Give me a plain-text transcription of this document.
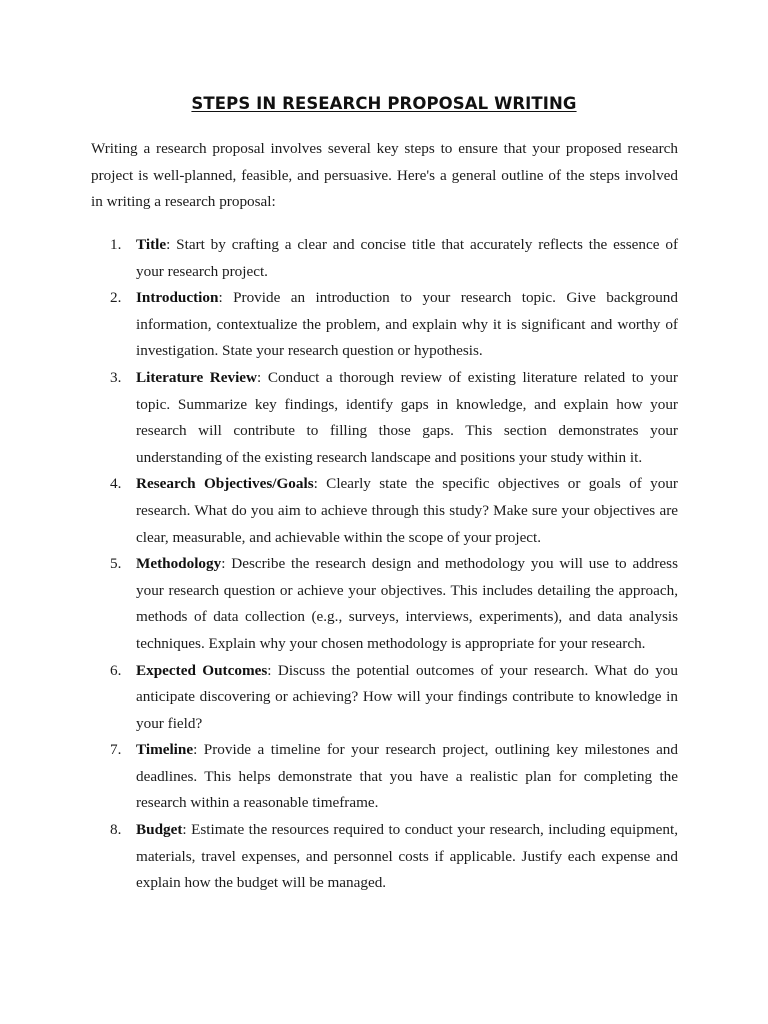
STEPS IN RESEARCH PROPOSAL WRITING

Writing a research proposal involves several key steps to ensure that your proposed research project is well-planned, feasible, and persuasive. Here's a general outline of the steps involved in writing a research proposal:

1. Title: Start by crafting a clear and concise title that accurately reflects the essence of your research project.
2. Introduction: Provide an introduction to your research topic. Give background information, contextualize the problem, and explain why it is significant and worthy of investigation. State your research question or hypothesis.
3. Literature Review: Conduct a thorough review of existing literature related to your topic. Summarize key findings, identify gaps in knowledge, and explain how your research will contribute to filling those gaps. This section demonstrates your understanding of the existing research landscape and positions your study within it.
4. Research Objectives/Goals: Clearly state the specific objectives or goals of your research. What do you aim to achieve through this study? Make sure your objectives are clear, measurable, and achievable within the scope of your project.
5. Methodology: Describe the research design and methodology you will use to address your research question or achieve your objectives. This includes detailing the approach, methods of data collection (e.g., surveys, interviews, experiments), and data analysis techniques. Explain why your chosen methodology is appropriate for your research.
6. Expected Outcomes: Discuss the potential outcomes of your research. What do you anticipate discovering or achieving? How will your findings contribute to knowledge in your field?
7. Timeline: Provide a timeline for your research project, outlining key milestones and deadlines. This helps demonstrate that you have a realistic plan for completing the research within a reasonable timeframe.
8. Budget: Estimate the resources required to conduct your research, including equipment, materials, travel expenses, and personnel costs if applicable. Justify each expense and explain how the budget will be managed.
